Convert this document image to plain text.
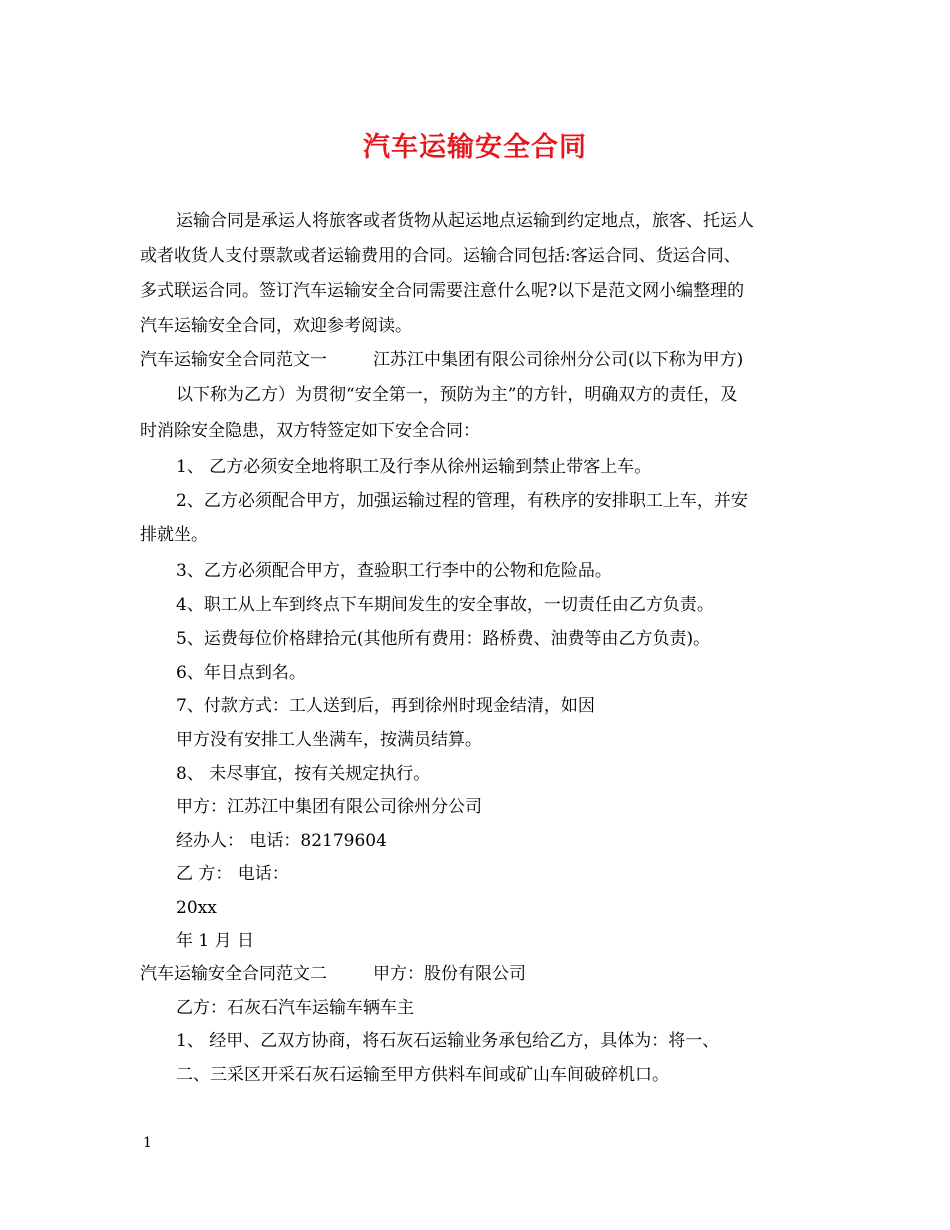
汽车运输安全合同
运输合同是承运人将旅客或者货物从起运地点运输到约定地点，旅客、托运人
或者收货人支付票款或者运输费用的合同。运输合同包括:客运合同、货运合同、
多式联运合同。签订汽车运输安全合同需要注意什么呢?以下是范文网小编整理的
汽车运输安全合同，欢迎参考阅读。
汽车运输安全合同范文一	江苏江中集团有限公司徐州分公司(以下称为甲方)
以下称为乙方）为贯彻“安全第一，预防为主”的方针，明确双方的责任，及
时消除安全隐患，双方特签定如下安全合同：
1、 乙方必须安全地将职工及行李从徐州运输到禁止带客上车。
2、乙方必须配合甲方，加强运输过程的管理，有秩序的安排职工上车，并安
排就坐。
3、乙方必须配合甲方，查验职工行李中的公物和危险品。
4、职工从上车到终点下车期间发生的安全事故，一切责任由乙方负责。
5、运费每位价格肆拾元(其他所有费用：路桥费、油费等由乙方负责)。
6、年日点到名。
7、付款方式：工人送到后，再到徐州时现金结清，如因
甲方没有安排工人坐满车，按满员结算。
8、 未尽事宜，按有关规定执行。
甲方：江苏江中集团有限公司徐州分公司
经办人： 电话：82179604
乙 方： 电话：
20xx
年 1 月 日
汽车运输安全合同范文二	甲方：股份有限公司
乙方：石灰石汽车运输车辆车主
1、 经甲、乙双方协商，将石灰石运输业务承包给乙方，具体为：将一、
二、三采区开采石灰石运输至甲方供料车间或矿山车间破碎机口。
1
